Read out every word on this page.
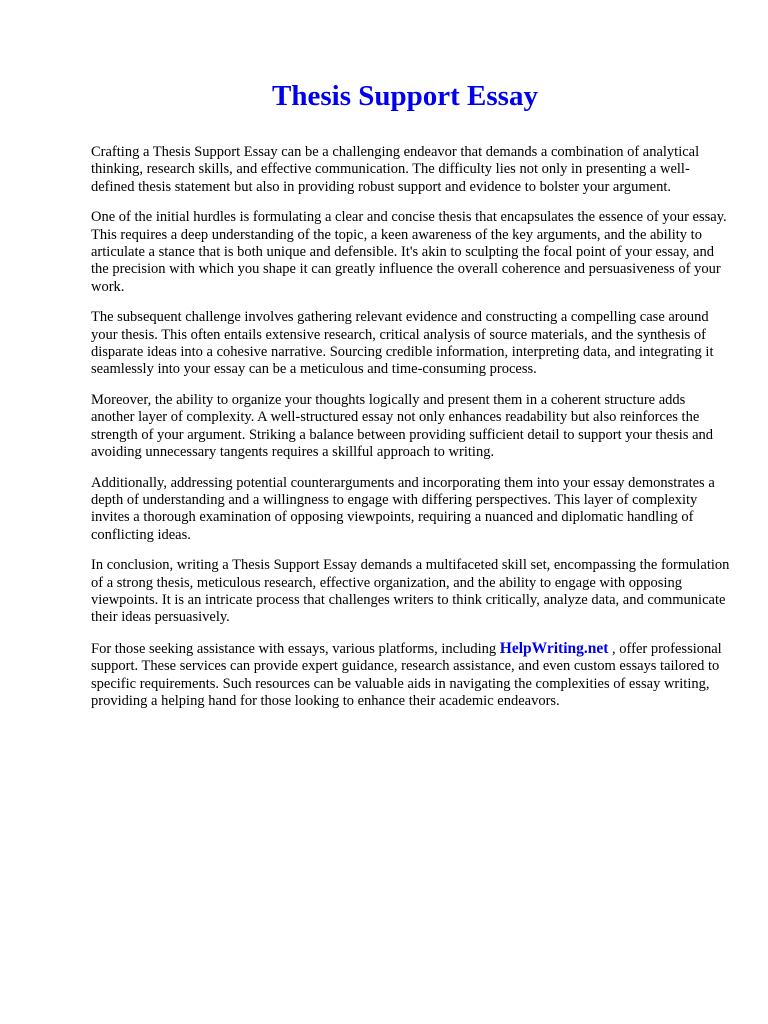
Thesis Support Essay

Crafting a Thesis Support Essay can be a challenging endeavor that demands a combination of analytical thinking, research skills, and effective communication. The difficulty lies not only in presenting a well-defined thesis statement but also in providing robust support and evidence to bolster your argument.

One of the initial hurdles is formulating a clear and concise thesis that encapsulates the essence of your essay. This requires a deep understanding of the topic, a keen awareness of the key arguments, and the ability to articulate a stance that is both unique and defensible. It's akin to sculpting the focal point of your essay, and the precision with which you shape it can greatly influence the overall coherence and persuasiveness of your work.

The subsequent challenge involves gathering relevant evidence and constructing a compelling case around your thesis. This often entails extensive research, critical analysis of source materials, and the synthesis of disparate ideas into a cohesive narrative. Sourcing credible information, interpreting data, and integrating it seamlessly into your essay can be a meticulous and time-consuming process.

Moreover, the ability to organize your thoughts logically and present them in a coherent structure adds another layer of complexity. A well-structured essay not only enhances readability but also reinforces the strength of your argument. Striking a balance between providing sufficient detail to support your thesis and avoiding unnecessary tangents requires a skillful approach to writing.

Additionally, addressing potential counterarguments and incorporating them into your essay demonstrates a depth of understanding and a willingness to engage with differing perspectives. This layer of complexity invites a thorough examination of opposing viewpoints, requiring a nuanced and diplomatic handling of conflicting ideas.

In conclusion, writing a Thesis Support Essay demands a multifaceted skill set, encompassing the formulation of a strong thesis, meticulous research, effective organization, and the ability to engage with opposing viewpoints. It is an intricate process that challenges writers to think critically, analyze data, and communicate their ideas persuasively.

For those seeking assistance with essays, various platforms, including HelpWriting.net , offer professional support. These services can provide expert guidance, research assistance, and even custom essays tailored to specific requirements. Such resources can be valuable aids in navigating the complexities of essay writing, providing a helping hand for those looking to enhance their academic endeavors.
